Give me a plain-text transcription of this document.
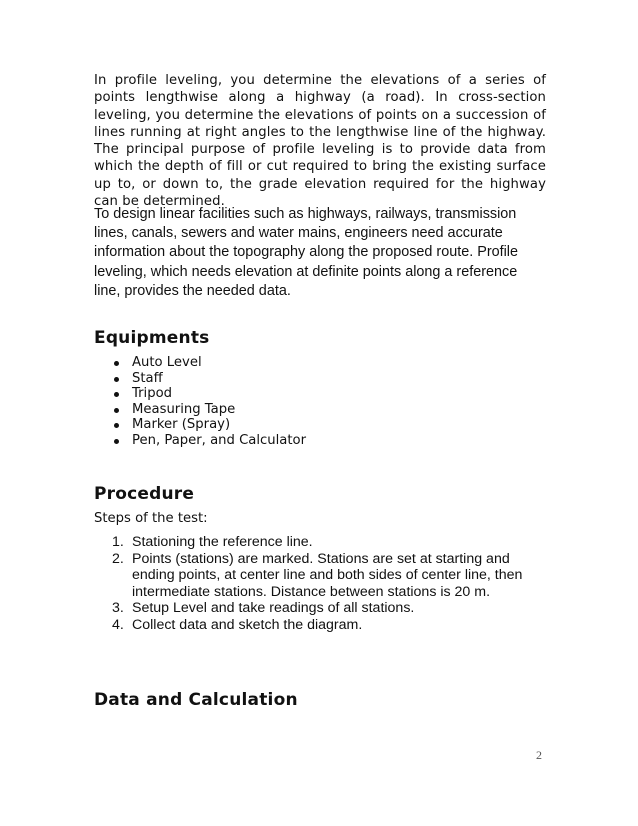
In profile leveling, you determine the elevations of a series of points lengthwise along a highway (a road). In cross-section leveling, you determine the elevations of points on a succession of lines running at right angles to the lengthwise line of the highway. The principal purpose of profile leveling is to provide data from which the depth of fill or cut required to bring the existing surface up to, or down to, the grade elevation required for the highway can be determined.

To design linear facilities such as highways, railways, transmission lines, canals, sewers and water mains, engineers need accurate information about the topography along the proposed route. Profile leveling, which needs elevation at definite points along a reference line, provides the needed data.

Equipments
Auto Level
Staff
Tripod
Measuring Tape
Marker (Spray)
Pen, Paper, and Calculator
Procedure
Steps of the test:
1. Stationing the reference line.
2. Points (stations) are marked. Stations are set at starting and ending points, at center line and both sides of center line, then intermediate stations. Distance between stations is 20 m.
3. Setup Level and take readings of all stations.
4. Collect data and sketch the diagram.
Data and Calculation
2
